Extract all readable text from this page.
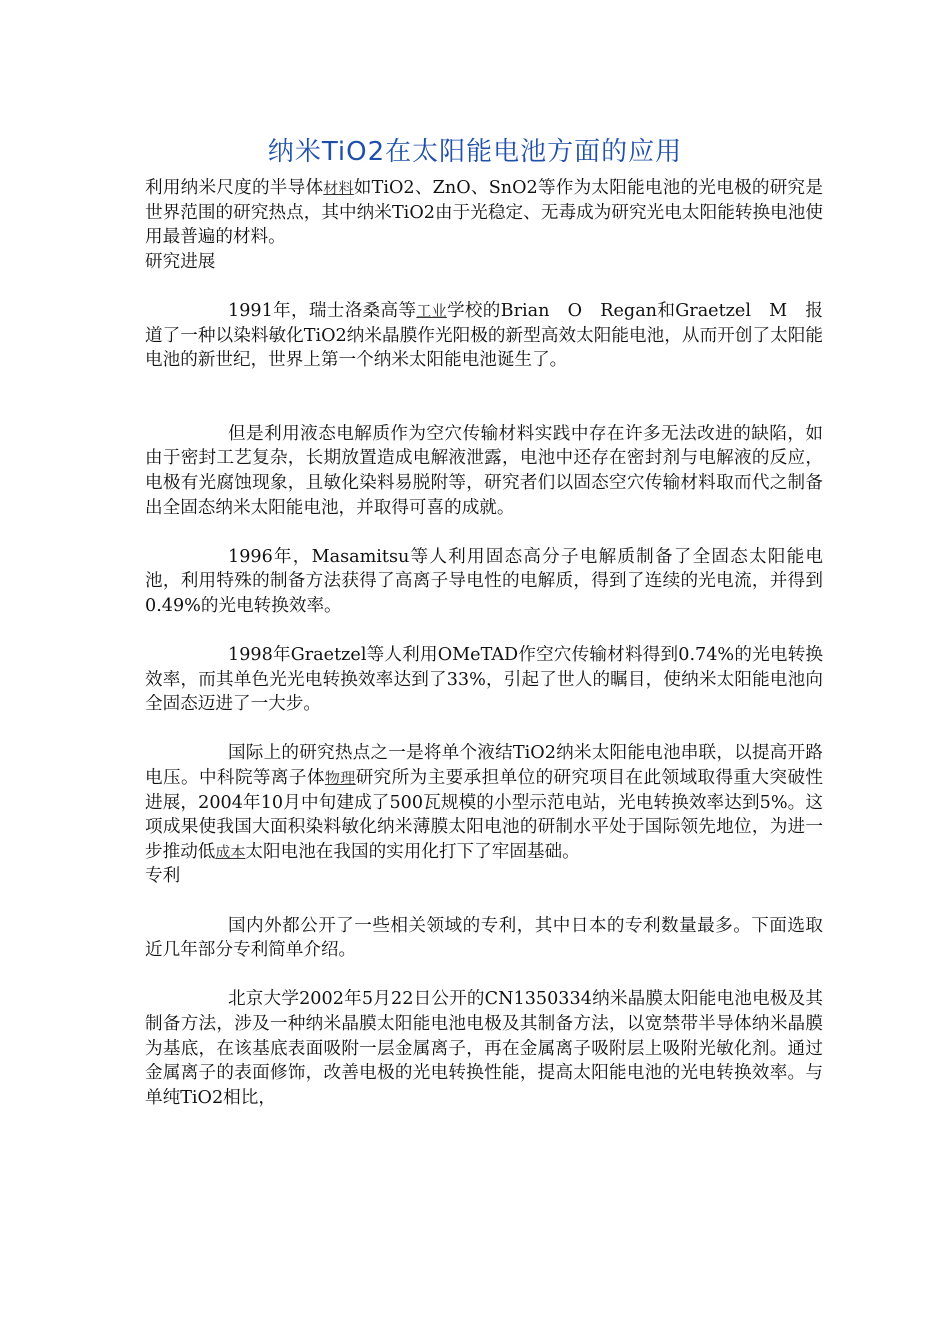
纳米TiO2在太阳能电池方面的应用

利用纳米尺度的半导体材料如TiO2、ZnO、SnO2等作为太阳能电池的光电极的研究是世界范围的研究热点，其中纳米TiO2由于光稳定、无毒成为研究光电太阳能转换电池使用最普遍的材料。

研究进展

1991年，瑞士洛桑高等工业学校的Brian　O　Regan和Graetzel　M　报道了一种以染料敏化TiO2纳米晶膜作光阳极的新型高效太阳能电池，从而开创了太阳能电池的新世纪，世界上第一个纳米太阳能电池诞生了。

但是利用液态电解质作为空穴传输材料实践中存在许多无法改进的缺陷，如由于密封工艺复杂，长期放置造成电解液泄露，电池中还存在密封剂与电解液的反应，电极有光腐蚀现象，且敏化染料易脱附等，研究者们以固态空穴传输材料取而代之制备出全固态纳米太阳能电池，并取得可喜的成就。

1996年，Masamitsu等人利用固态高分子电解质制备了全固态太阳能电池，利用特殊的制备方法获得了高离子导电性的电解质，得到了连续的光电流，并得到0.49%的光电转换效率。

1998年Graetzel等人利用OMeTAD作空穴传输材料得到0.74%的光电转换效率，而其单色光光电转换效率达到了33%，引起了世人的瞩目，使纳米太阳能电池向全固态迈进了一大步。

国际上的研究热点之一是将单个液结TiO2纳米太阳能电池串联，以提高开路电压。中科院等离子体物理研究所为主要承担单位的研究项目在此领域取得重大突破性进展，2004年10月中旬建成了500瓦规模的小型示范电站，光电转换效率达到5%。这项成果使我国大面积染料敏化纳米薄膜太阳电池的研制水平处于国际领先地位，为进一步推动低成本太阳电池在我国的实用化打下了牢固基础。

专利

国内外都公开了一些相关领域的专利，其中日本的专利数量最多。下面选取近几年部分专利简单介绍。

北京大学2002年5月22日公开的CN1350334纳米晶膜太阳能电池电极及其制备方法，涉及一种纳米晶膜太阳能电池电极及其制备方法，以宽禁带半导体纳米晶膜为基底，在该基底表面吸附一层金属离子，再在金属离子吸附层上吸附光敏化剂。通过金属离子的表面修饰，改善电极的光电转换性能，提高太阳能电池的光电转换效率。与单纯TiO2相比，
